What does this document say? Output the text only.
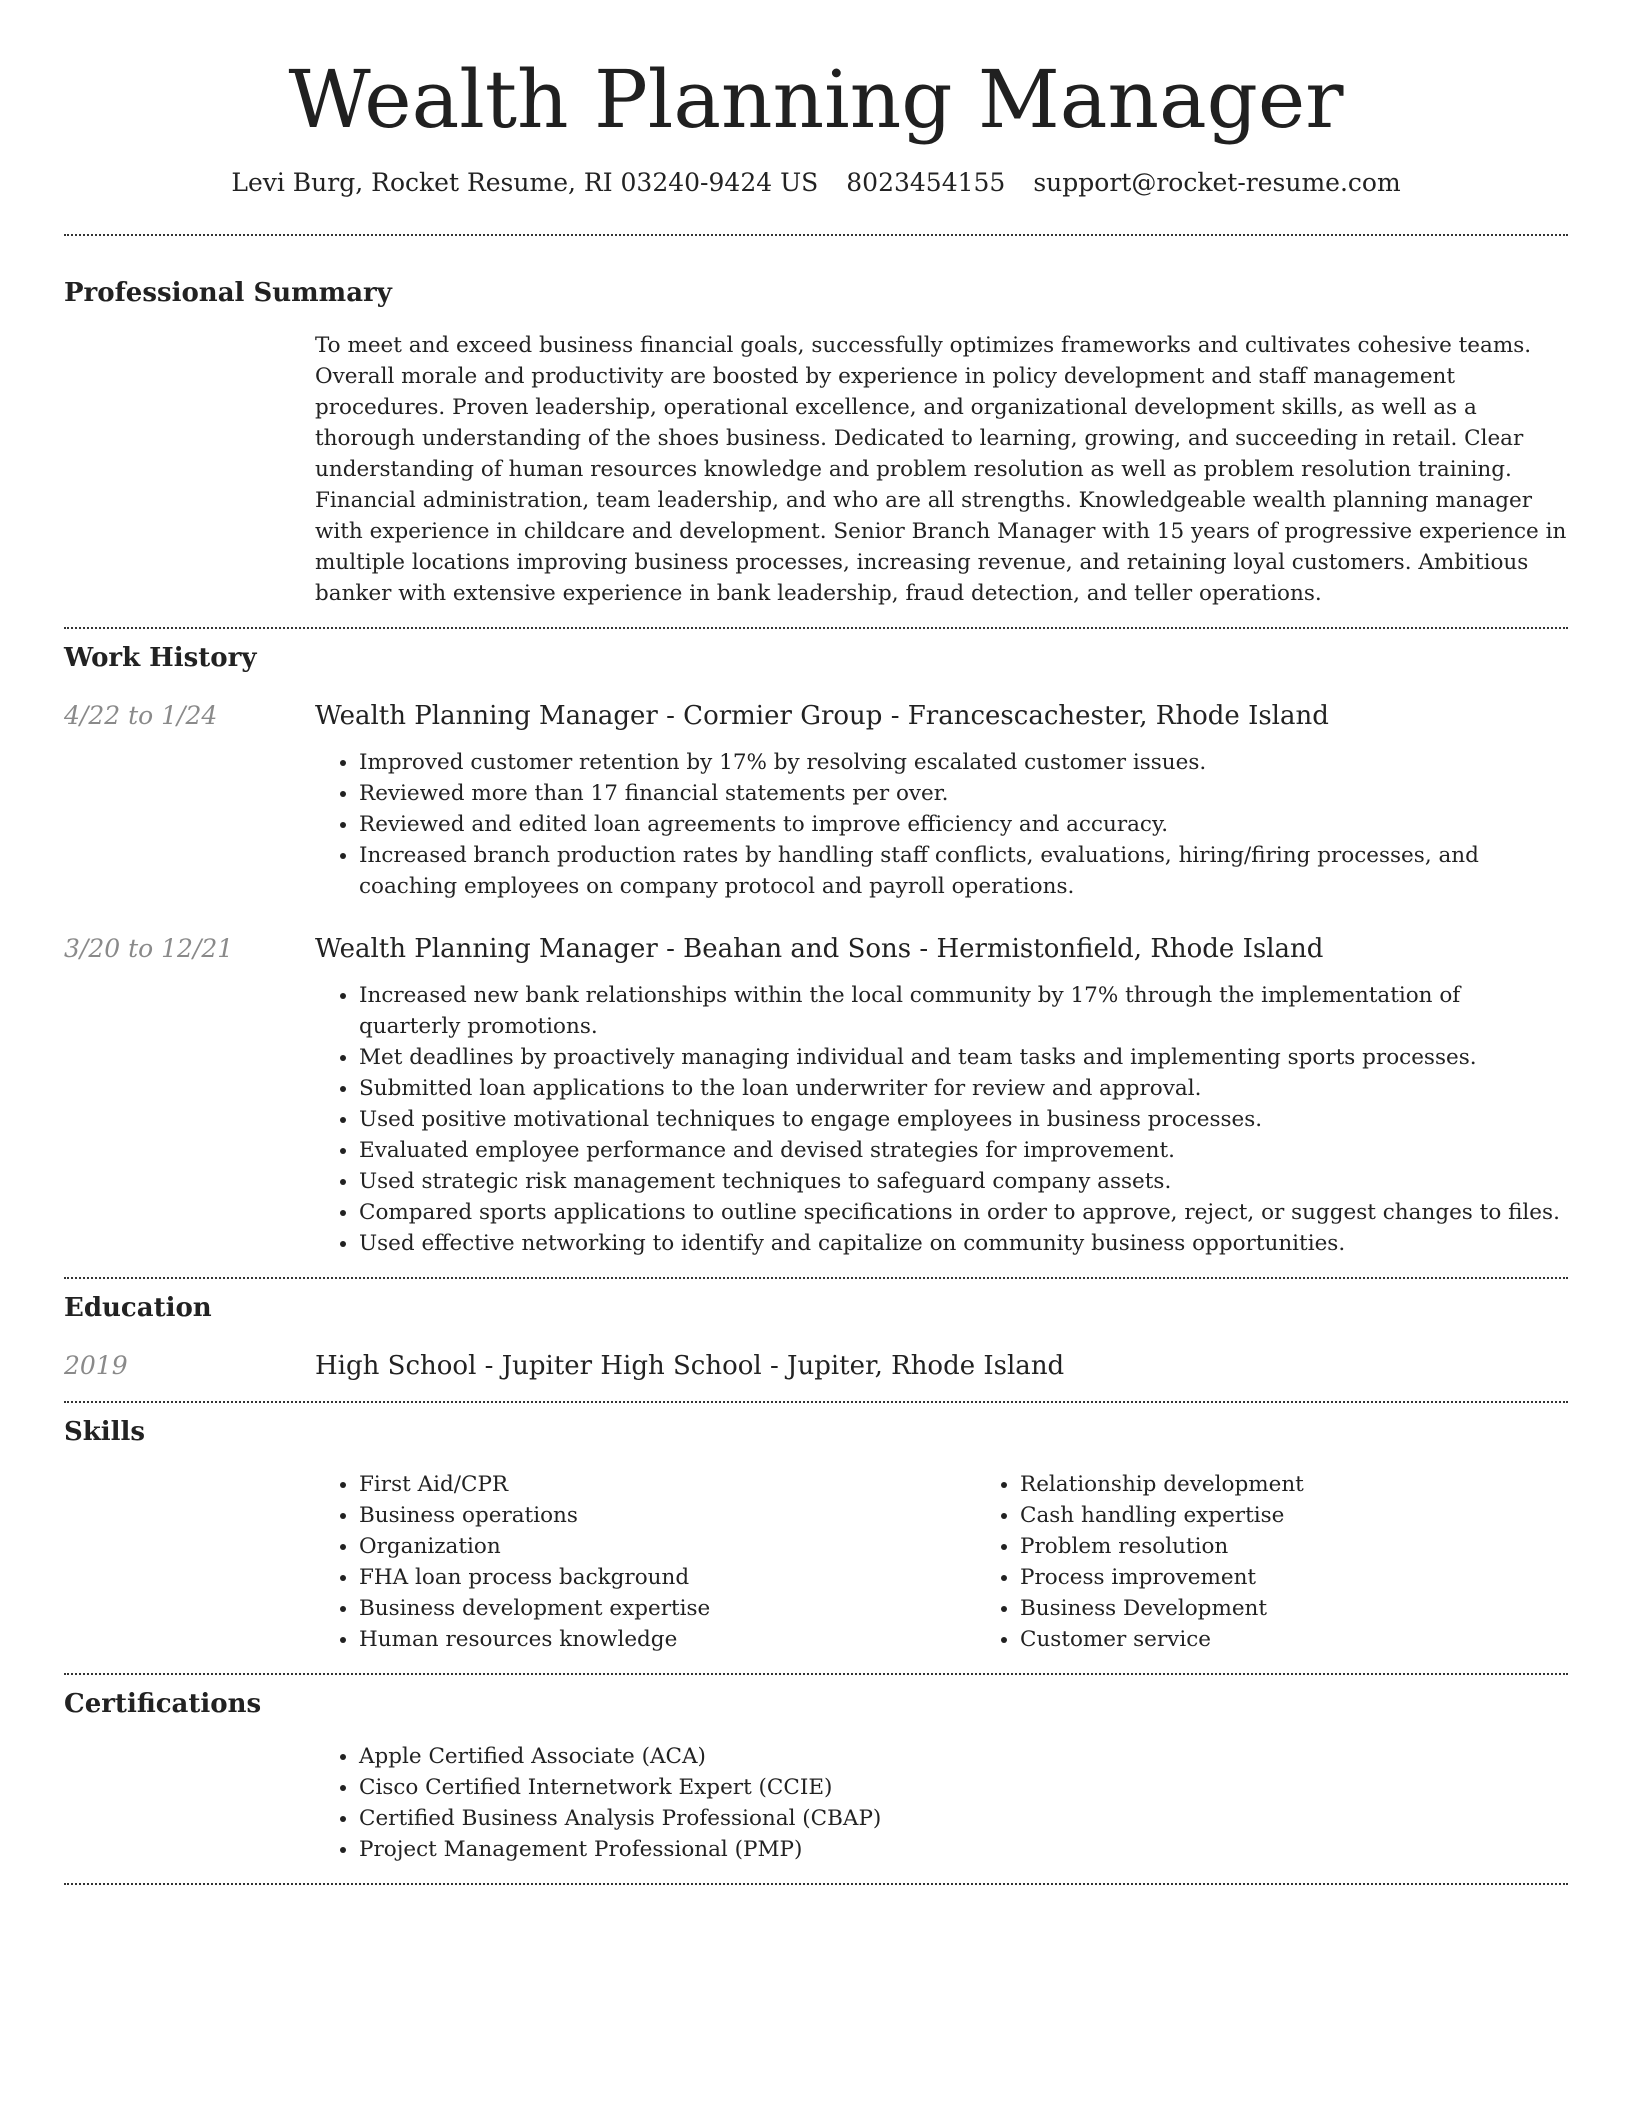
Wealth Planning Manager
Levi Burg, Rocket Resume, RI 03240-9424 US 8023454155 support@rocket-resume.com
Professional Summary

To meet and exceed business financial goals, successfully optimizes frameworks and cultivates cohesive teams. Overall morale and productivity are boosted by experience in policy development and staff management procedures. Proven leadership, operational excellence, and organizational development skills, as well as a thorough understanding of the shoes business. Dedicated to learning, growing, and succeeding in retail. Clear understanding of human resources knowledge and problem resolution as well as problem resolution training. Financial administration, team leadership, and who are all strengths. Knowledgeable wealth planning manager with experience in childcare and development. Senior Branch Manager with 15 years of progressive experience in multiple locations improving business processes, increasing revenue, and retaining loyal customers. Ambitious banker with extensive experience in bank leadership, fraud detection, and teller operations.

Work History
4/22 to 1/24	Wealth Planning Manager - Cormier Group - Francescachester, Rhode Island

• Improved customer retention by 17% by resolving escalated customer issues.
• Reviewed more than 17 financial statements per over.
• Reviewed and edited loan agreements to improve efficiency and accuracy.
• Increased branch production rates by handling staff conflicts, evaluations, hiring/firing processes, and coaching employees on company protocol and payroll operations.
3/20 to 12/21	Wealth Planning Manager - Beahan and Sons - Hermistonfield, Rhode Island

• Increased new bank relationships within the local community by 17% through the implementation of quarterly promotions.
• Met deadlines by proactively managing individual and team tasks and implementing sports processes.
• Submitted loan applications to the loan underwriter for review and approval.
• Used positive motivational techniques to engage employees in business processes.
• Evaluated employee performance and devised strategies for improvement.
• Used strategic risk management techniques to safeguard company assets.
• Compared sports applications to outline specifications in order to approve, reject, or suggest changes to files.
• Used effective networking to identify and capitalize on community business opportunities.
Education
2019	High School - Jupiter High School - Jupiter, Rhode Island

Skills
• First Aid/CPR
• Business operations
• Organization
• FHA loan process background
• Business development expertise
• Human resources knowledge
• Relationship development
• Cash handling expertise
• Problem resolution
• Process improvement
• Business Development
• Customer service
Certifications
• Apple Certified Associate (ACA)
• Cisco Certified Internetwork Expert (CCIE)
• Certified Business Analysis Professional (CBAP)
• Project Management Professional (PMP)
